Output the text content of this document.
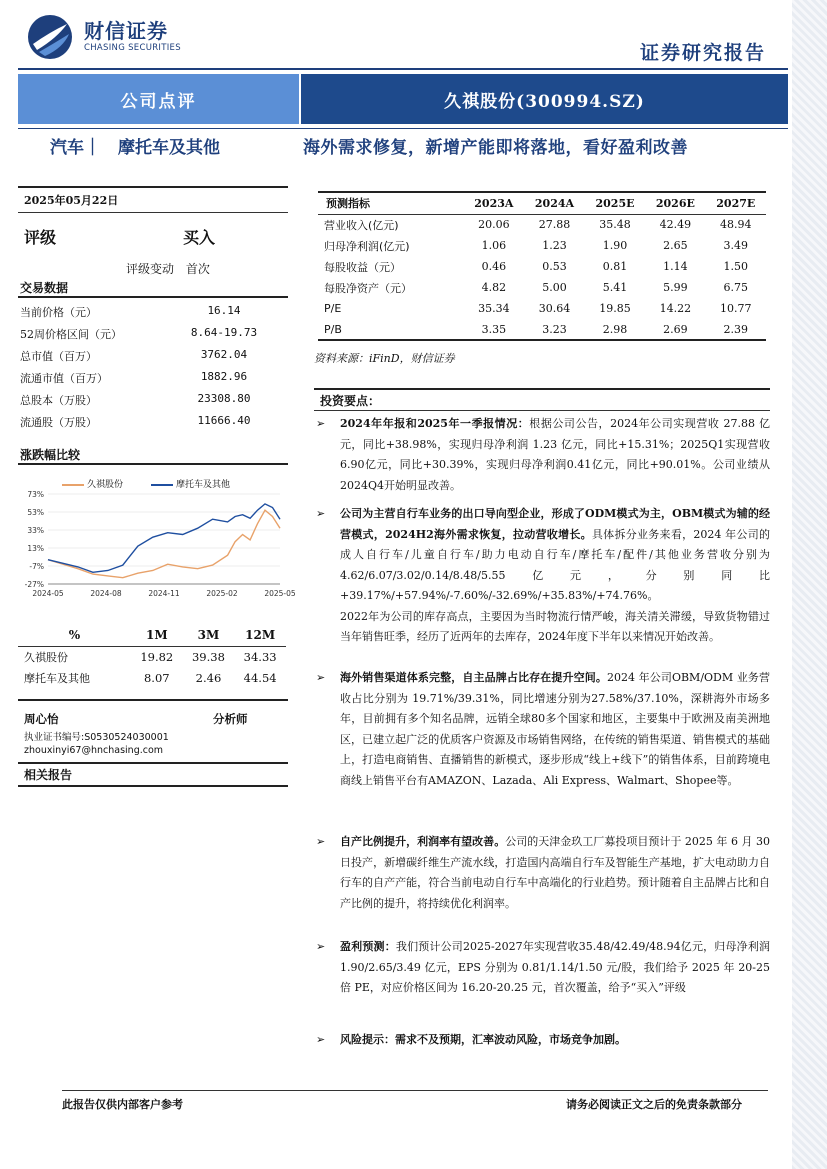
财信证券
CHASING SECURITIES	证券研究报告
公司点评	久祺股份(300994.SZ)
汽车｜　摩托车及其他	海外需求修复，新增产能即将落地，看好盈利改善
2025年05月22日
评级	买入
评级变动 首次
交易数据
当前价格（元）	16.14
52周价格区间（元）	8.64-19.73
总市值（百万）	3762.04
流通市值（百万）	1882.96
总股本（万股）	23308.80
流通股（万股）	11666.40
涨跌幅比较
久祺股份	摩托车及其他
73%
53%
33%
13%
-7%
-27%
2024-05	2024-08	2024-11	2025-02	2025-05
%	1M	3M	12M
久祺股份	19.82	39.38	34.33
摩托车及其他	8.07	2.46	44.54
周心怡	分析师
执业证书编号:S0530524030001
zhouxinyi67@hnchasing.com
相关报告
预测指标	2023A	2024A	2025E	2026E	2027E
营业收入(亿元)	20.06	27.88	35.48	42.49	48.94
归母净利润(亿元)	1.06	1.23	1.90	2.65	3.49
每股收益（元）	0.46	0.53	0.81	1.14	1.50
每股净资产（元）	4.82	5.00	5.41	5.99	6.75
P/E	35.34	30.64	19.85	14.22	10.77
P/B	3.35	3.23	2.98	2.69	2.39
资料来源：iFinD，财信证券
投资要点：
➢	2024年年报和2025年一季报情况：根据公司公告，2024年公司实现营收 27.88 亿元，同比+38.98%，实现归母净利润 1.23 亿元，同比+15.31%；2025Q1实现营收6.90亿元，同比+30.39%，实现归母净利润0.41亿元，同比+90.01%。公司业绩从2024Q4开始明显改善。

➢	公司为主营自行车业务的出口导向型企业，形成了ODM模式为主，OBM模式为辅的经营模式，2024H2海外需求恢复，拉动营收增长。具体拆分业务来看，2024 年公司的成人自行车/儿童自行车/助力电动自行车/摩托车/配件/其他业务营收分别为 4.62/6.07/3.02/0.14/8.48/5.55亿元，分别同比+39.17%/+57.94%/-7.60%/-32.69%/+35.83%/+74.76%。

2022年为公司的库存高点，主要因为当时物流行情严峻，海关清关滞缓，导致货物错过当年销售旺季，经历了近两年的去库存，2024年度下半年以来情况开始改善。
➢	海外销售渠道体系完整，自主品牌占比存在提升空间。2024 年公司OBM/ODM 业务营收占比分别为 19.71%/39.31%，同比增速分别为27.58%/37.10%，深耕海外市场多年，目前拥有多个知名品牌，远销全球80多个国家和地区，主要集中于欧洲及南美洲地区，已建立起广泛的优质客户资源及市场销售网络，在传统的销售渠道、销售模式的基础上，打造电商销售、直播销售的新模式，逐步形成“线上+线下”的销售体系，目前跨境电商线上销售平台有AMAZON、Lazada、Ali Express、Walmart、Shopee等。

➢	自产比例提升，利润率有望改善。公司的天津金玖工厂募投项目预计于 2025 年 6 月 30 日投产，新增碳纤维生产流水线，打造国内高端自行车及智能生产基地，扩大电动助力自行车的自产产能，符合当前电动自行车中高端化的行业趋势。预计随着自主品牌占比和自产比例的提升，将持续优化利润率。

➢	盈利预测：我们预计公司2025-2027年实现营收35.48/42.49/48.94亿元，归母净利润 1.90/2.65/3.49 亿元，EPS 分别为 0.81/1.14/1.50 元/股，我们给予 2025 年 20-25 倍 PE，对应价格区间为 16.20-20.25 元，首次覆盖，给予“买入”评级

➢	风险提示：需求不及预期，汇率波动风险，市场竞争加剧。

此报告仅供内部客户参考	请务必阅读正文之后的免责条款部分
